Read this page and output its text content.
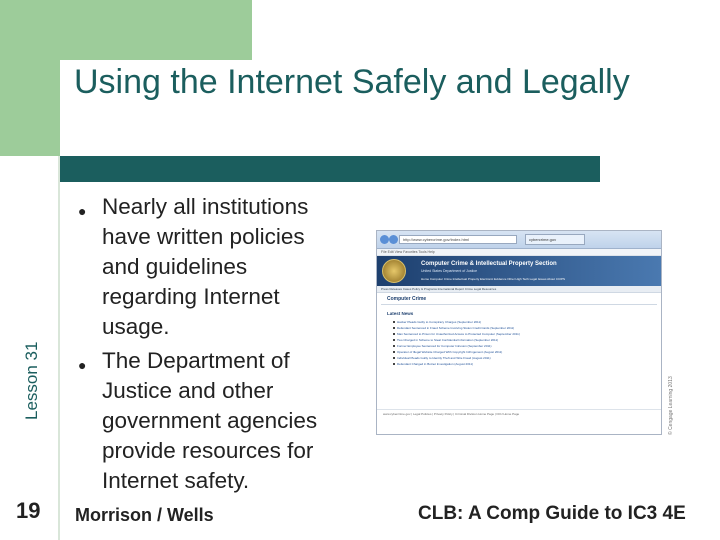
Using the Internet Safely and Legally
Lesson 31
● Nearly all institutions have written policies and guidelines regarding Internet usage.
● The Department of Justice and other government agencies provide resources for Internet safety.
http://www.cybercrime.gov/index.html	cybercrime.gov
File Edit View Favorites Tools Help
Computer Crime & Intellectual Property Section
United States Department of Justice
Home Computer Crime Intellectual Property Electronic Evidence Other High Tech Legal Issues About CCIPS
Press Releases Cases Policy & Programs International Report Crime Legal Resources
Computer Crime
Latest News
Hacker Pleads Guilty to Conspiracy Charges (September 2011)
Defendant Sentenced in Fraud Scheme Involving Stolen Credit Cards (September 2011)
Man Sentenced to Prison for Unauthorized Access to Protected Computer (September 2011)
Two Charged in Scheme to Steal Confidential Information (September 2011)
Former Employee Sentenced for Computer Intrusion (September 2011)
Operator of Illegal Website Charged With Copyright Infringement (August 2011)
Individual Pleads Guilty to Identity Theft and Wire Fraud (August 2011)
Defendant Charged in Botnet Investigation (August 2011)
www.cybercrime.gov | Legal Policies | Privacy Policy | Criminal Division Home Page | DOJ Home Page	© Cengage Learning 2013
19 Morrison / Wells	CLB: A Comp Guide to IC3 4E
